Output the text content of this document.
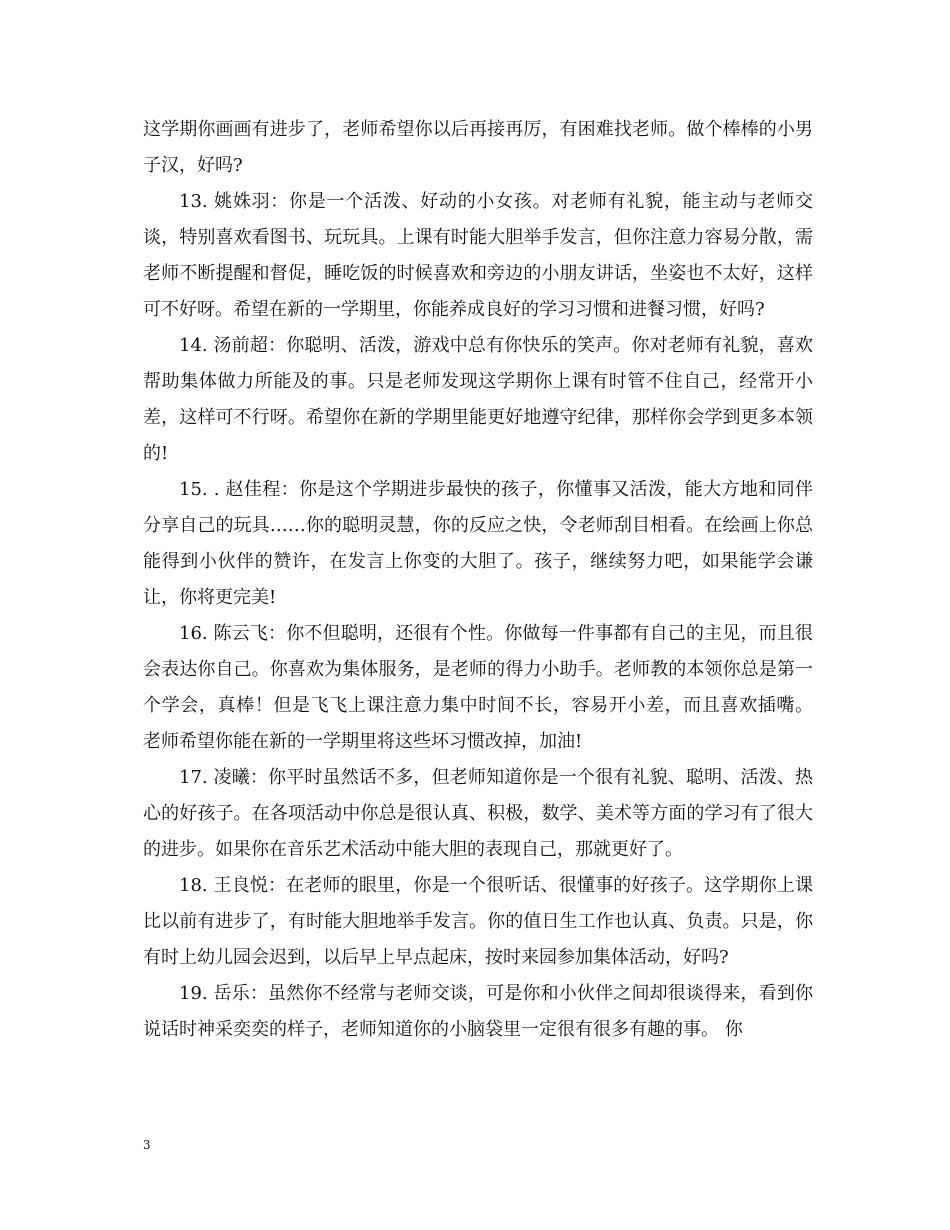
这学期你画画有进步了，老师希望你以后再接再厉，有困难找老师。做个棒棒的小男子汉，好吗?

13. 姚姝羽：你是一个活泼、好动的小女孩。对老师有礼貌，能主动与老师交谈，特别喜欢看图书、玩玩具。上课有时能大胆举手发言，但你注意力容易分散，需老师不断提醒和督促，睡吃饭的时候喜欢和旁边的小朋友讲话，坐姿也不太好，这样可不好呀。希望在新的一学期里，你能养成良好的学习习惯和进餐习惯，好吗?

14. 汤前超：你聪明、活泼，游戏中总有你快乐的笑声。你对老师有礼貌，喜欢帮助集体做力所能及的事。只是老师发现这学期你上课有时管不住自己，经常开小差，这样可不行呀。希望你在新的学期里能更好地遵守纪律，那样你会学到更多本领的!

15. . 赵佳程：你是这个学期进步最快的孩子，你懂事又活泼，能大方地和同伴分享自己的玩具……你的聪明灵慧，你的反应之快，令老师刮目相看。在绘画上你总能得到小伙伴的赞许，在发言上你变的大胆了。孩子，继续努力吧，如果能学会谦让，你将更完美!

16. 陈云飞：你不但聪明，还很有个性。你做每一件事都有自己的主见，而且很会表达你自己。你喜欢为集体服务，是老师的得力小助手。老师教的本领你总是第一个学会，真棒！但是飞飞上课注意力集中时间不长，容易开小差，而且喜欢插嘴。 老师希望你能在新的一学期里将这些坏习惯改掉，加油!

17. 凌曦：你平时虽然话不多，但老师知道你是一个很有礼貌、聪明、活泼、热心的好孩子。在各项活动中你总是很认真、积极，数学、美术等方面的学习有了很大的进步。如果你在音乐艺术活动中能大胆的表现自己，那就更好了。

18. 王良悦：在老师的眼里，你是一个很听话、很懂事的好孩子。这学期你上课比以前有进步了，有时能大胆地举手发言。你的值日生工作也认真、负责。只是，你有时上幼儿园会迟到，以后早上早点起床，按时来园参加集体活动，好吗?

19. 岳乐：虽然你不经常与老师交谈，可是你和小伙伴之间却很谈得来，看到你说话时神采奕奕的样子，老师知道你的小脑袋里一定很有很多有趣的事。 你

3
